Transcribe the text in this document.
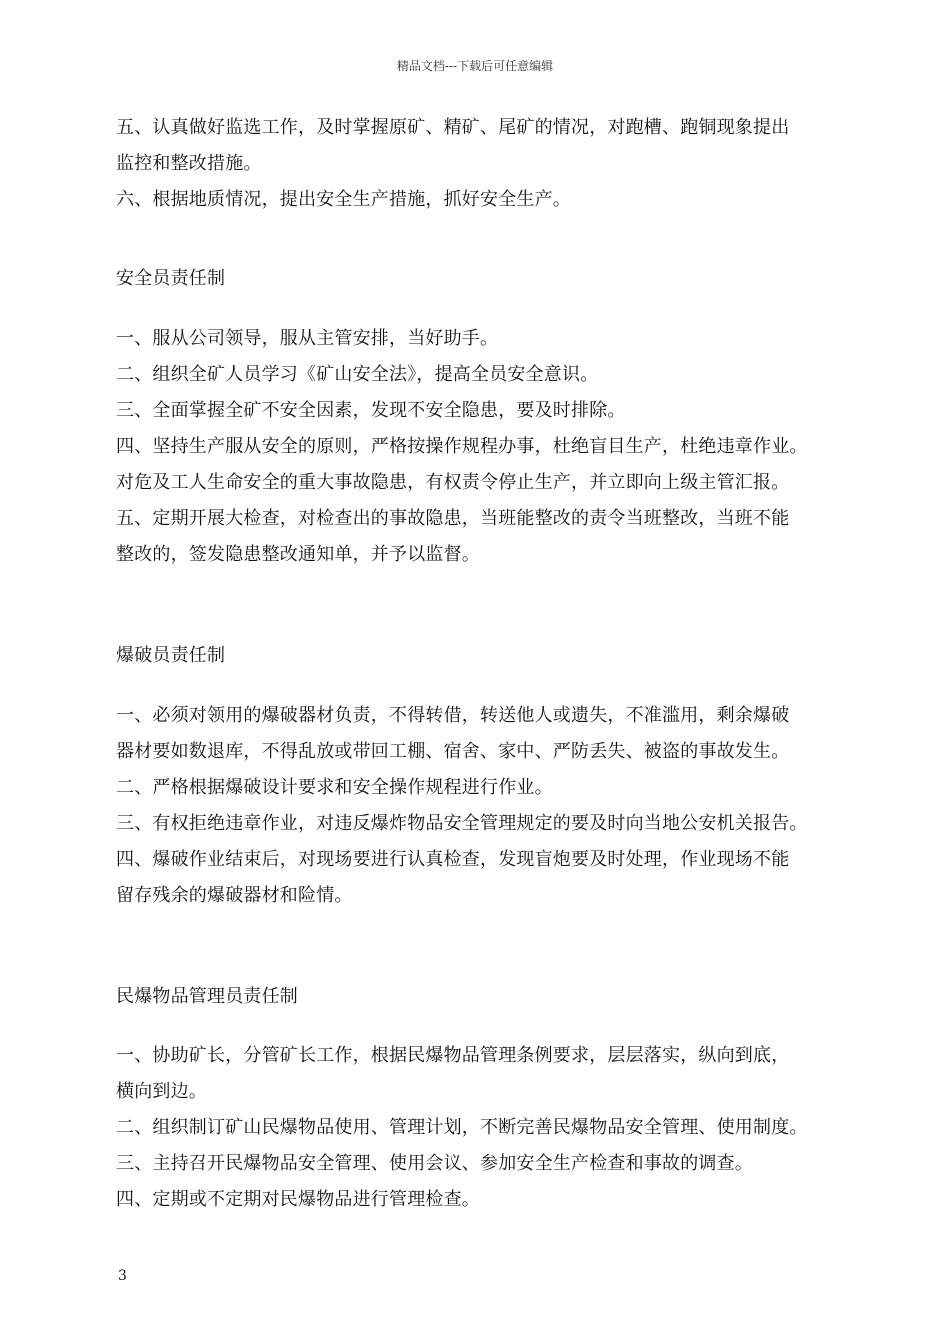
精品文档---下载后可任意编辑
五、认真做好监选工作，及时掌握原矿、精矿、尾矿的情况，对跑槽、跑铜现象提出
监控和整改措施。
六、根据地质情况，提出安全生产措施，抓好安全生产。
安全员责任制
一、服从公司领导，服从主管安排，当好助手。
二、组织全矿人员学习《矿山安全法》，提高全员安全意识。
三、全面掌握全矿不安全因素，发现不安全隐患，要及时排除。
四、坚持生产服从安全的原则，严格按操作规程办事，杜绝盲目生产，杜绝违章作业。
对危及工人生命安全的重大事故隐患，有权责令停止生产，并立即向上级主管汇报。
五、定期开展大检查，对检查出的事故隐患，当班能整改的责令当班整改，当班不能
整改的，签发隐患整改通知单，并予以监督。
爆破员责任制
一、必须对领用的爆破器材负责，不得转借，转送他人或遗失，不准滥用，剩余爆破
器材要如数退库，不得乱放或带回工棚、宿舍、家中、严防丢失、被盗的事故发生。
二、严格根据爆破设计要求和安全操作规程进行作业。
三、有权拒绝违章作业，对违反爆炸物品安全管理规定的要及时向当地公安机关报告。
四、爆破作业结束后，对现场要进行认真检查，发现盲炮要及时处理，作业现场不能
留存残余的爆破器材和险情。
民爆物品管理员责任制
一、协助矿长，分管矿长工作，根据民爆物品管理条例要求，层层落实，纵向到底，
横向到边。
二、组织制订矿山民爆物品使用、管理计划，不断完善民爆物品安全管理、使用制度。
三、主持召开民爆物品安全管理、使用会议、参加安全生产检查和事故的调查。
四、定期或不定期对民爆物品进行管理检查。
3
